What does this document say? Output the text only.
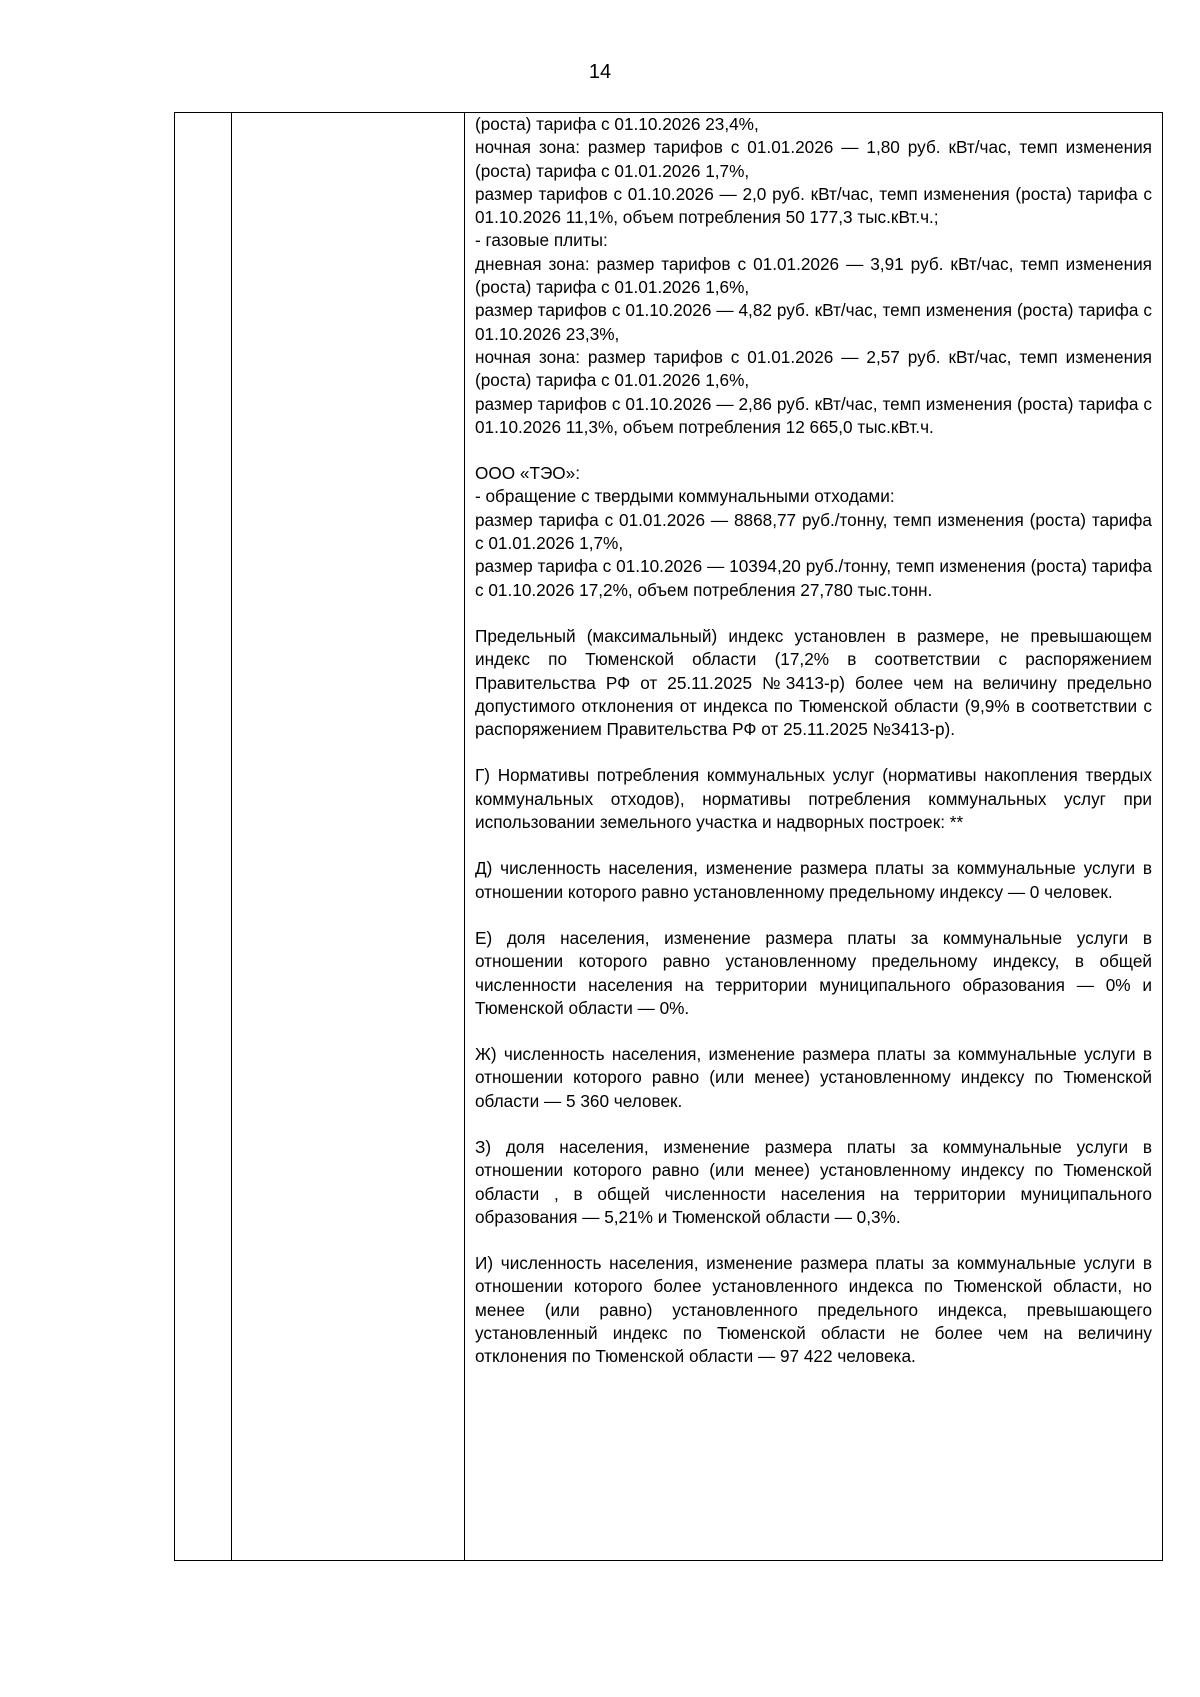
14

(роста) тарифа с 01.10.2026 23,4%,

ночная зона: размер тарифов с 01.01.2026 — 1,80 руб. кВт/час, темп изменения (роста) тарифа с 01.01.2026 1,7%,

размер тарифов с 01.10.2026 — 2,0 руб. кВт/час, темп изменения (роста) тарифа с 01.10.2026 11,1%, объем потребления 50 177,3 тыс.кВт.ч.;

- газовые плиты:

дневная зона: размер тарифов с 01.01.2026 — 3,91 руб. кВт/час, темп изменения (роста) тарифа с 01.01.2026 1,6%,

размер тарифов с 01.10.2026 — 4,82 руб. кВт/час, темп изменения (роста) тарифа с 01.10.2026 23,3%,

ночная зона: размер тарифов с 01.01.2026 — 2,57 руб. кВт/час, темп изменения (роста) тарифа с 01.01.2026 1,6%,

размер тарифов с 01.10.2026 — 2,86 руб. кВт/час, темп изменения (роста) тарифа с 01.10.2026 11,3%, объем потребления 12 665,0 тыс.кВт.ч.

ООО «ТЭО»:

- обращение с твердыми коммунальными отходами:

размер тарифа с 01.01.2026 — 8868,77 руб./тонну, темп изменения (роста) тарифа с 01.01.2026 1,7%,

размер тарифа с 01.10.2026 — 10394,20 руб./тонну, темп изменения (роста) тарифа с 01.10.2026 17,2%, объем потребления 27,780 тыс.тонн.

Предельный (максимальный) индекс установлен в размере, не превышающем индекс по Тюменской области (17,2% в соответствии с распоряжением Правительства РФ от 25.11.2025 №3413-р) более чем на величину предельно допустимого отклонения от индекса по Тюменской области (9,9% в соответствии с распоряжением Правительства РФ от 25.11.2025 №3413-р).

Г) Нормативы потребления коммунальных услуг (нормативы накопления твердых коммунальных отходов), нормативы потребления коммунальных услуг при использовании земельного участка и надворных построек: **

Д) численность населения, изменение размера платы за коммунальные услуги в отношении которого равно установленному предельному индексу — 0 человек.

Е) доля населения, изменение размера платы за коммунальные услуги в отношении которого равно установленному предельному индексу, в общей численности населения на территории муниципального образования — 0% и Тюменской области — 0%.

Ж) численность населения, изменение размера платы за коммунальные услуги в отношении которого равно (или менее) установленному индексу по Тюменской области — 5 360 человек.

З) доля населения, изменение размера платы за коммунальные услуги в отношении которого равно (или менее) установленному индексу по Тюменской области , в общей численности населения на территории муниципального образования — 5,21% и Тюменской области — 0,3%.

И) численность населения, изменение размера платы за коммунальные услуги в отношении которого более установленного индекса по Тюменской области, но менее (или равно) установленного предельного индекса, превышающего установленный индекс по Тюменской области не более чем на величину отклонения по Тюменской области — 97 422 человека.
